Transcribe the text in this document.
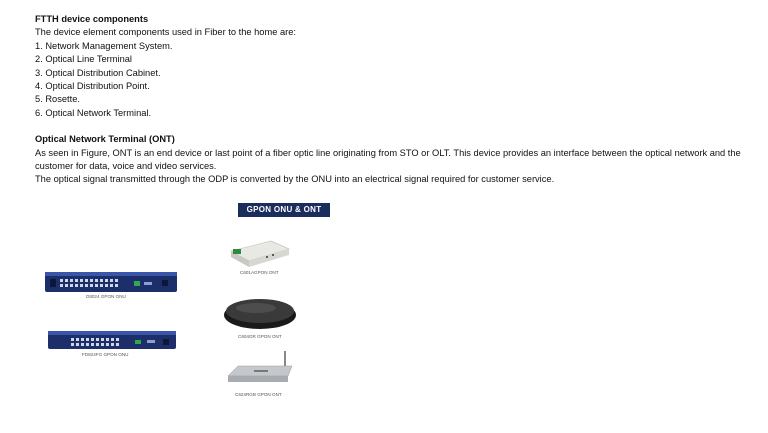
FTTH device components

The device element components used in Fiber to the home are:

1. Network Management System.

2. Optical Line Terminal

3. Optical Distribution Cabinet.

4. Optical Distribution Point.

5. Rosette.

6. Optical Network Terminal.

Optical Network Terminal (ONT)

As seen in Figure, ONT is an end device or last point of a fiber optic line originating from STO or OLT. This device provides an interface between the optical network and the customer for data, voice and video services.

The optical signal transmitted through the ODP is converted by the ONU into an electrical signal required for customer service.

GPON ONU & ONT
D8024 GPON ONU
FD824FG GPON ONU
C601AGPON ONT
C604GR GPON ONT
C624RGB GPON ONT
